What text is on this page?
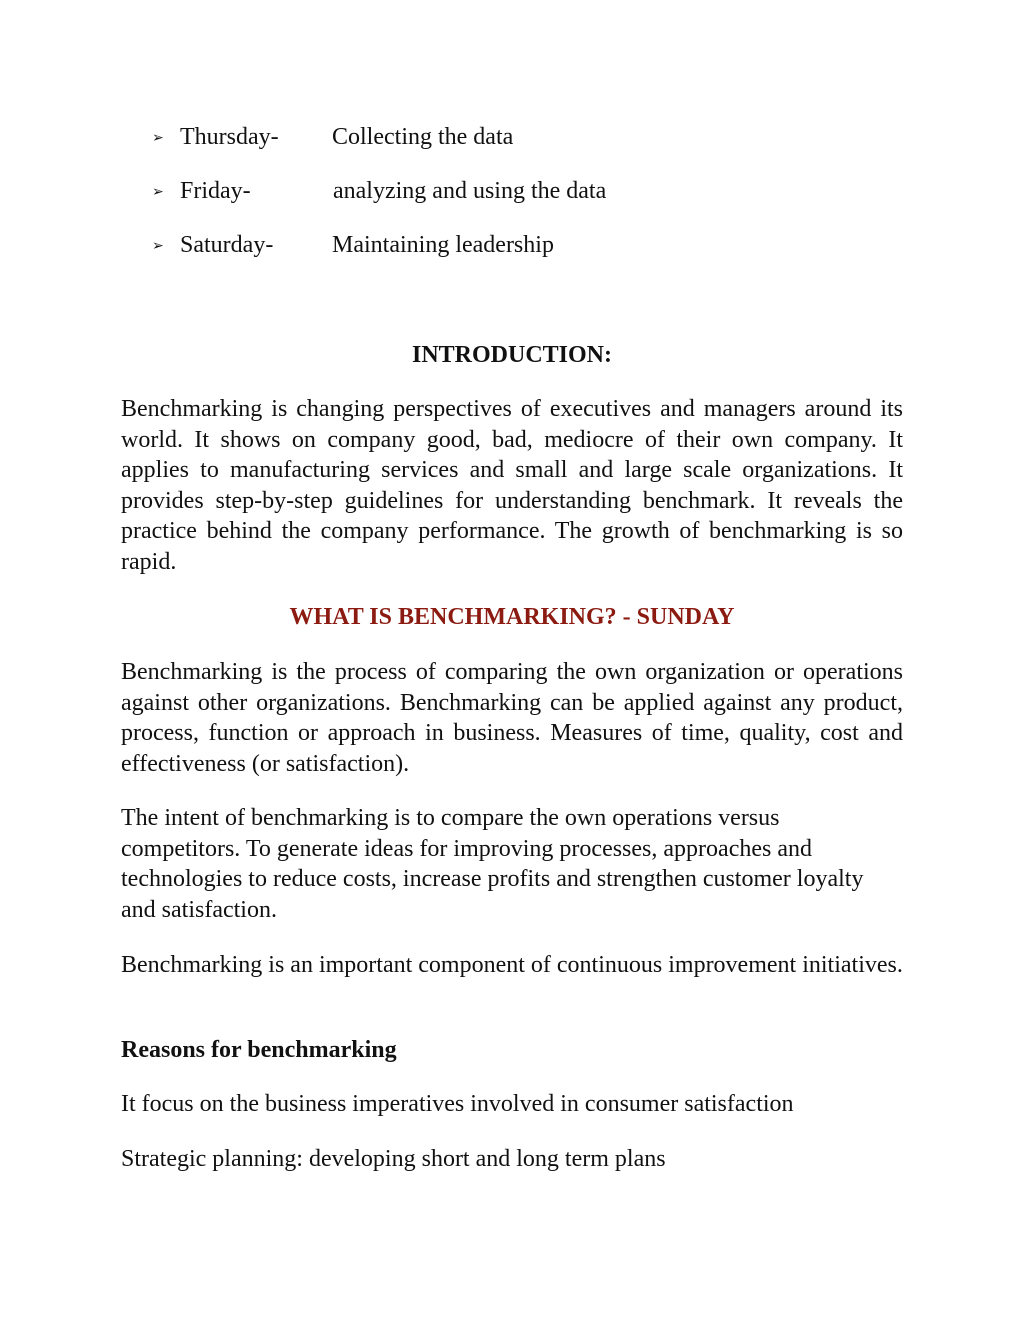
➢ Thursday- Collecting the data
➢ Friday-	analyzing and using the data
➢ Saturday- Maintaining leadership
INTRODUCTION:

Benchmarking is changing perspectives of executives and managers around its world. It shows on company good, bad, mediocre of their own company. It applies to manufacturing services and small and large scale organizations. It provides step-by-step guidelines for understanding benchmark. It reveals the practice behind the company performance. The growth of benchmarking is so rapid.

WHAT IS BENCHMARKING? - SUNDAY

Benchmarking is the process of comparing the own organization or operations against other organizations. Benchmarking can be applied against any product, process, function or approach in business. Measures of time, quality, cost and effectiveness (or satisfaction).

The intent of benchmarking is to compare the own operations versus competitors. To generate ideas for improving processes, approaches and technologies to reduce costs, increase profits and strengthen customer loyalty and satisfaction.

Benchmarking is an important component of continuous improvement initiatives.

Reasons for benchmarking

It focus on the business imperatives involved in consumer satisfaction

Strategic planning: developing short and long term plans
